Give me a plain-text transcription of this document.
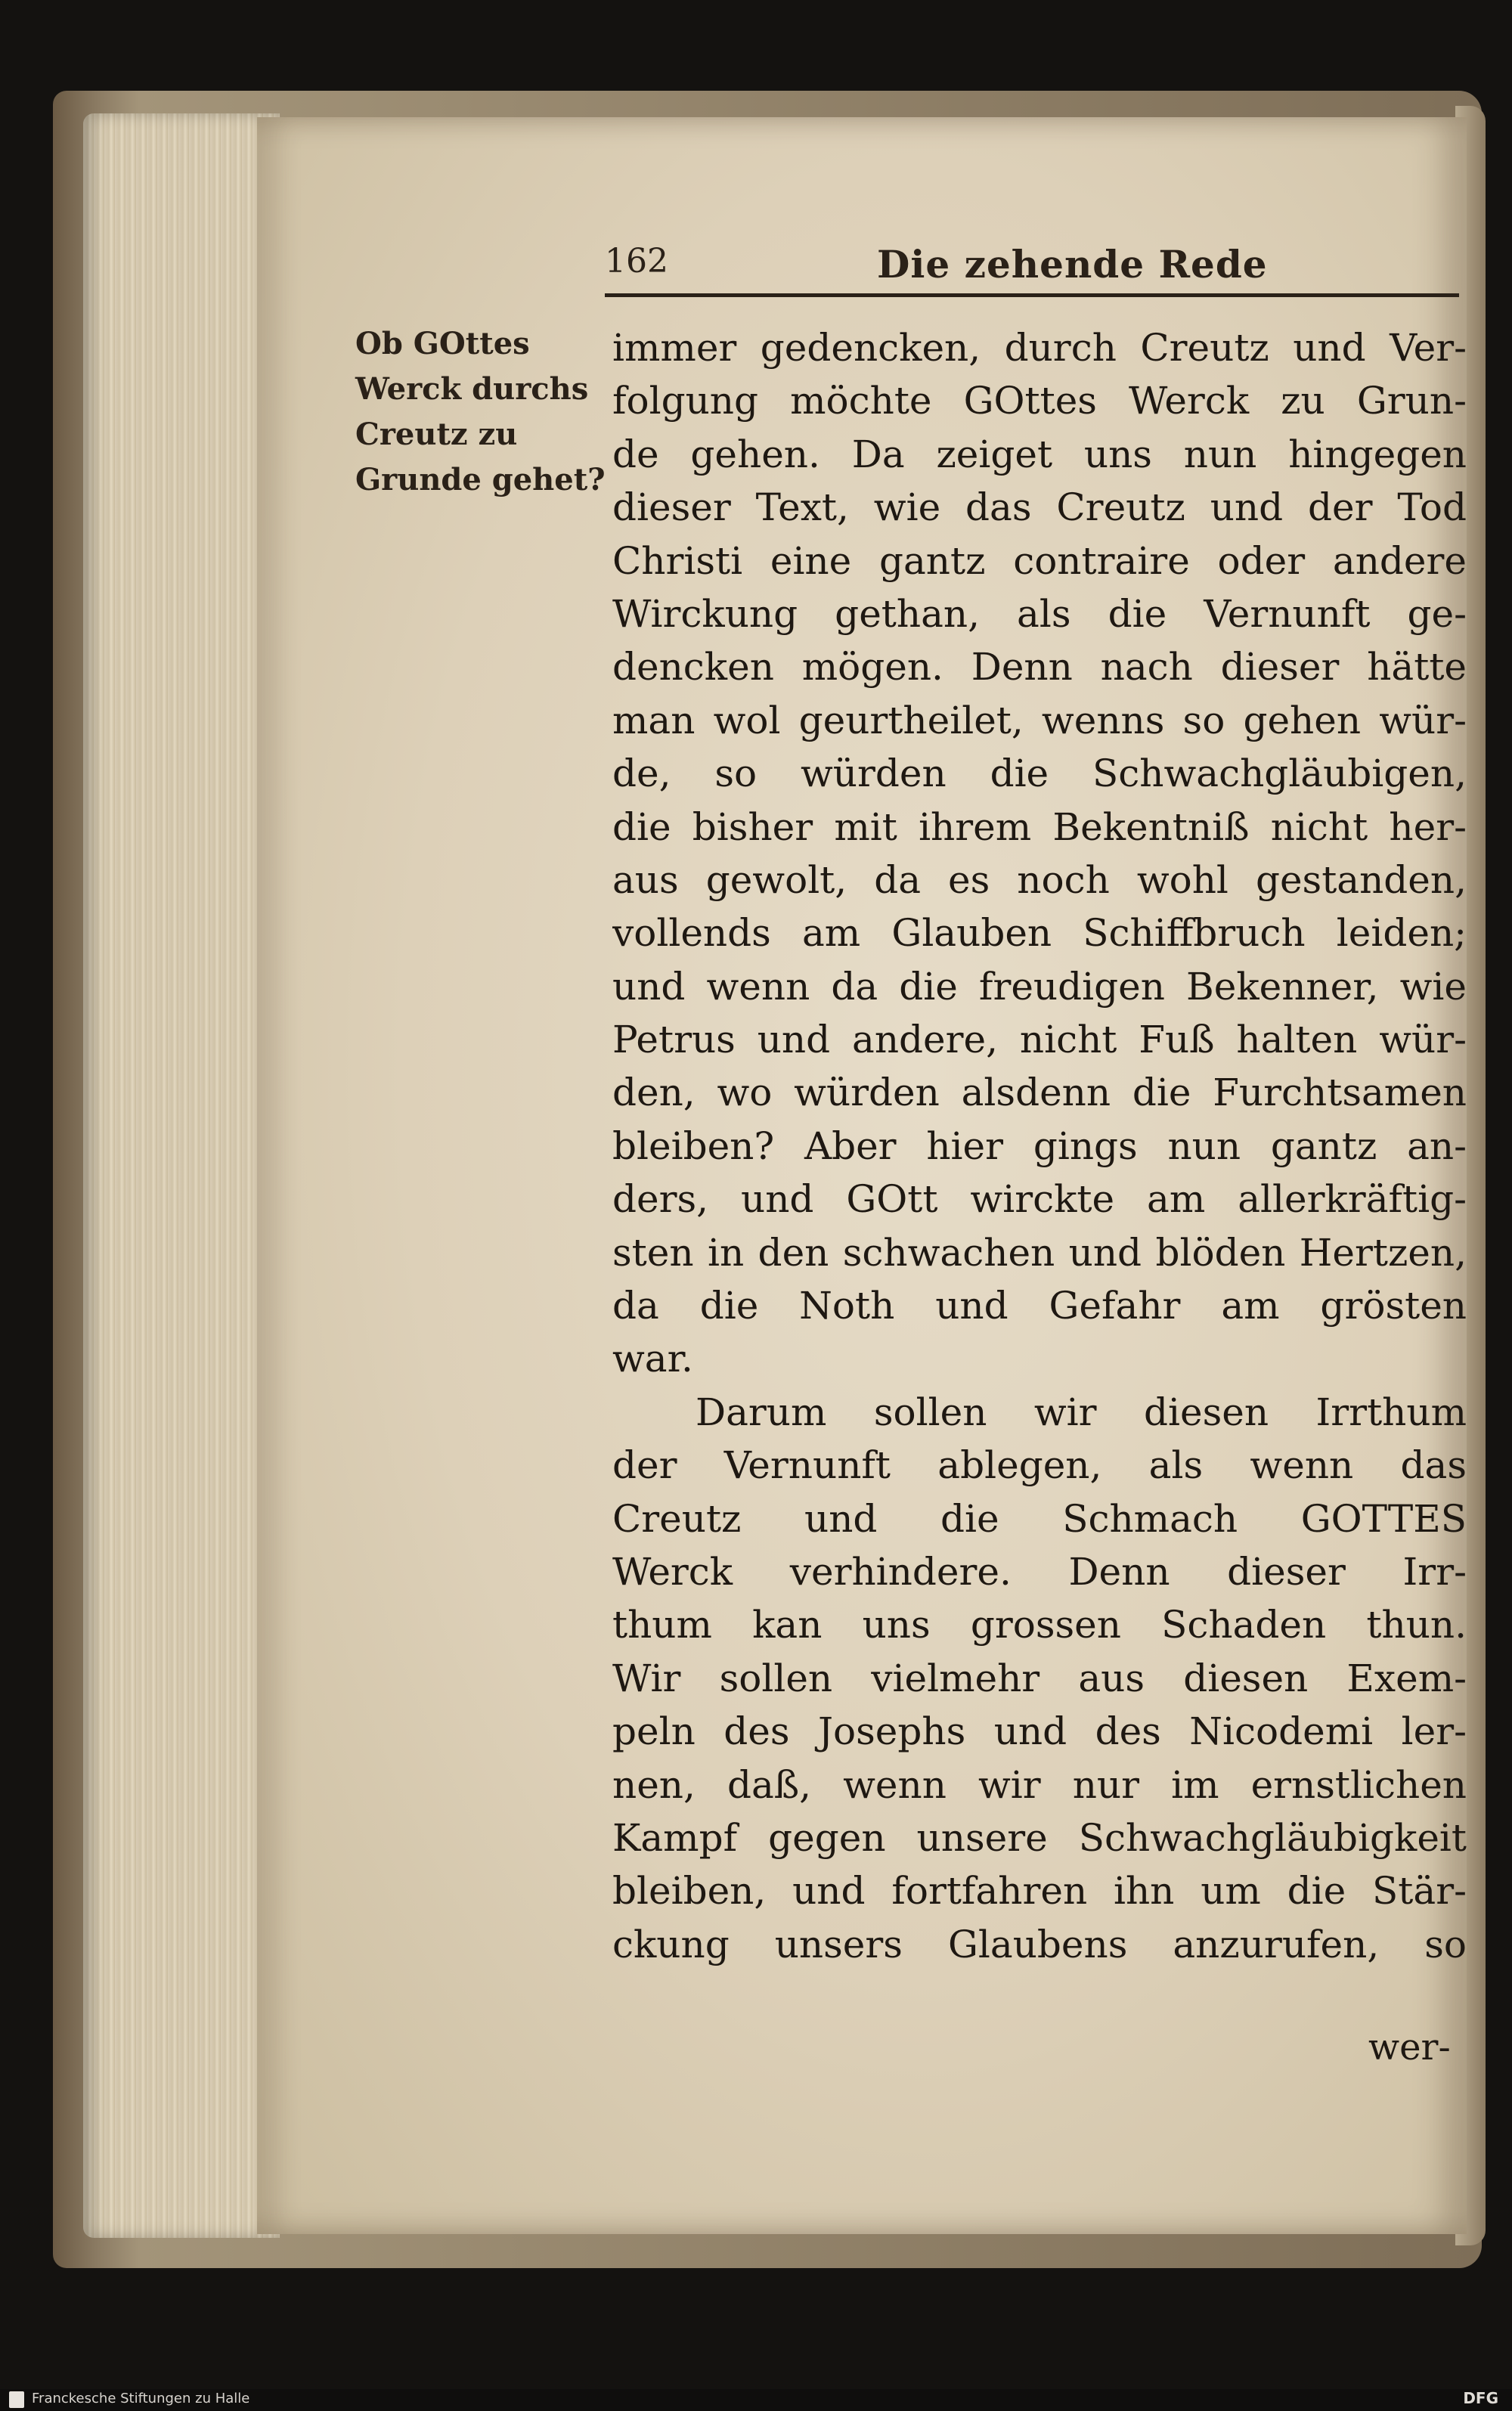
162	Die zehende Rede
Ob GOttes
Werck durchs
Creutz zu
Grunde gehet?
immer gedencken, durch Creutz und Ver-
folgung möchte GOttes Werck zu Grun-
de gehen. Da zeiget uns nun hingegen
dieser Text, wie das Creutz und der Tod
Christi eine gantz contraire oder andere
Wirckung gethan, als die Vernunft ge-
dencken mögen. Denn nach dieser hätte
man wol geurtheilet, wenns so gehen wür-
de, so würden die Schwachgläubigen,
die bisher mit ihrem Bekentniß nicht her-
aus gewolt, da es noch wohl gestanden,
vollends am Glauben Schiffbruch leiden;
und wenn da die freudigen Bekenner, wie
Petrus und andere, nicht Fuß halten wür-
den, wo würden alsdenn die Furchtsamen
bleiben? Aber hier gings nun gantz an-
ders, und GOtt wirckte am allerkräftig-
sten in den schwachen und blöden Hertzen,
da die Noth und Gefahr am grösten
war.
Darum sollen wir diesen Irrthum
der Vernunft ablegen, als wenn das
Creutz und die Schmach GOTTES
Werck verhindere. Denn dieser Irr-
thum kan uns grossen Schaden thun.
Wir sollen vielmehr aus diesen Exem-
peln des Josephs und des Nicodemi ler-
nen, daß, wenn wir nur im ernstlichen
Kampf gegen unsere Schwachgläubigkeit
bleiben, und fortfahren ihn um die Stär-
ckung unsers Glaubens anzurufen, so
wer-
Franckesche Stiftungen zu Halle	DFG
